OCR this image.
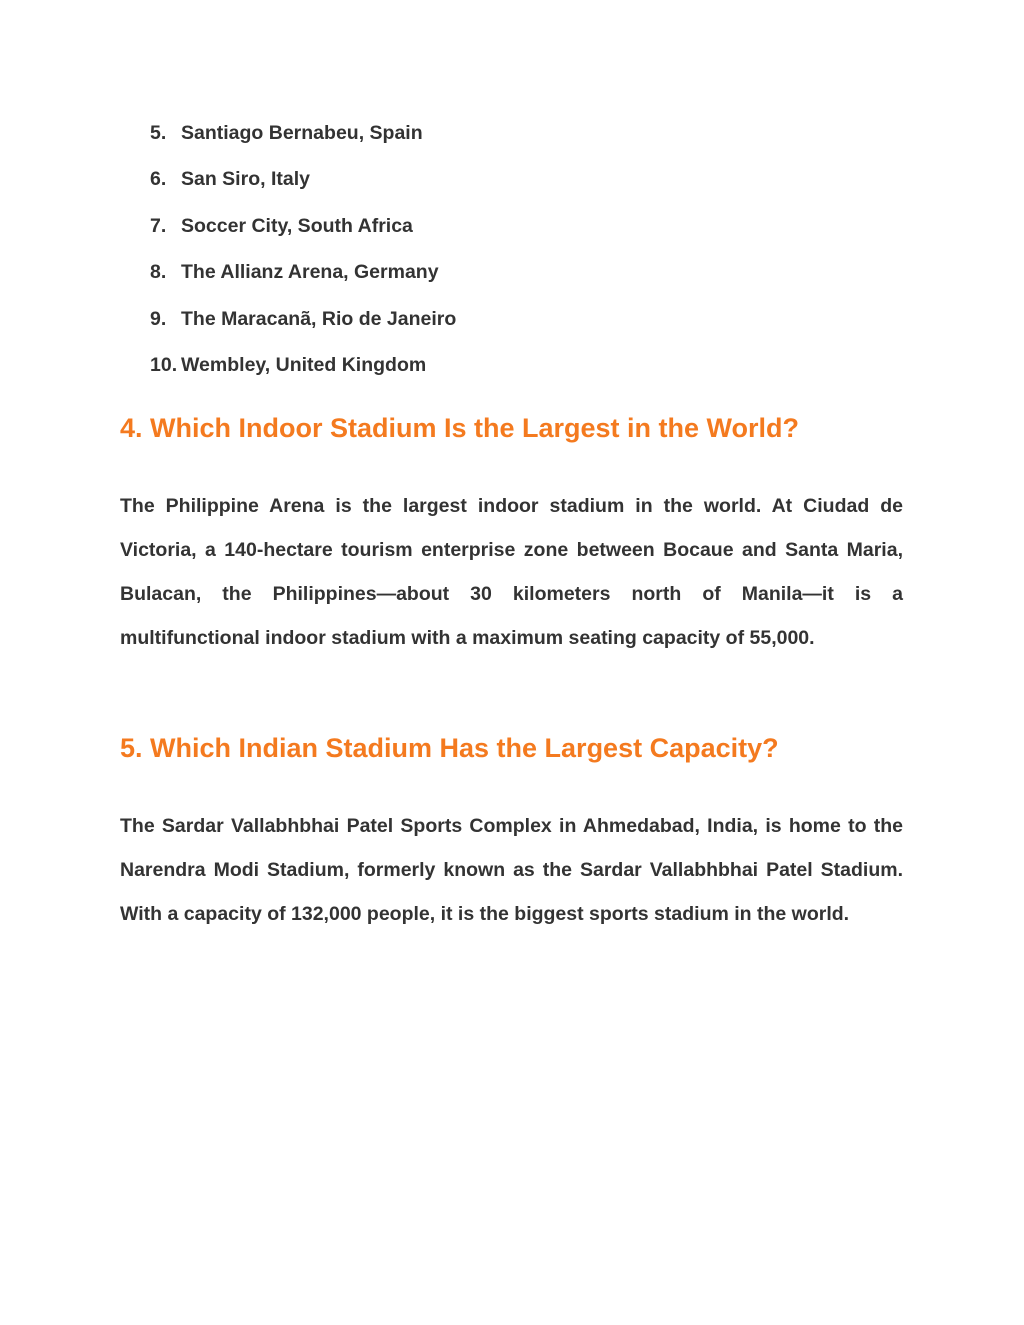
5. Santiago Bernabeu, Spain
6. San Siro, Italy
7. Soccer City, South Africa
8. The Allianz Arena, Germany
9. The Maracanã, Rio de Janeiro
10. Wembley, United Kingdom
4. Which Indoor Stadium Is the Largest in the World?

The Philippine Arena is the largest indoor stadium in the world. At Ciudad de Victoria, a 140-hectare tourism enterprise zone between Bocaue and Santa Maria, Bulacan, the Philippines—about 30 kilometers north of Manila—it is a multifunctional indoor stadium with a maximum seating capacity of 55,000.

5. Which Indian Stadium Has the Largest Capacity?

The Sardar Vallabhbhai Patel Sports Complex in Ahmedabad, India, is home to the Narendra Modi Stadium, formerly known as the Sardar Vallabhbhai Patel Stadium. With a capacity of 132,000 people, it is the biggest sports stadium in the world.
